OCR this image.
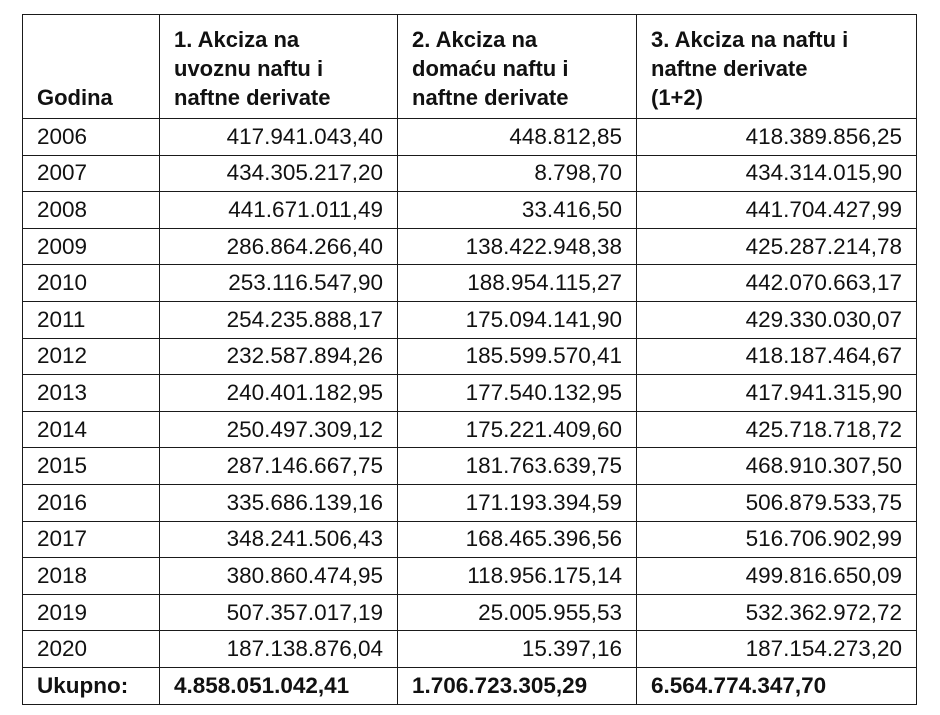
Godina	1. Akciza na
uvoznu naftu i
naftne derivate	2. Akciza na
domaću naftu i
naftne derivate	3. Akciza na naftu i
naftne derivate
(1+2)

2006	417.941.043,40	448.812,85	418.389.856,25
2007	434.305.217,20	8.798,70	434.314.015,90
2008	441.671.011,49	33.416,50	441.704.427,99
2009	286.864.266,40	138.422.948,38	425.287.214,78
2010	253.116.547,90	188.954.115,27	442.070.663,17
2011	254.235.888,17	175.094.141,90	429.330.030,07
2012	232.587.894,26	185.599.570,41	418.187.464,67
2013	240.401.182,95	177.540.132,95	417.941.315,90
2014	250.497.309,12	175.221.409,60	425.718.718,72
2015	287.146.667,75	181.763.639,75	468.910.307,50
2016	335.686.139,16	171.193.394,59	506.879.533,75
2017	348.241.506,43	168.465.396,56	516.706.902,99
2018	380.860.474,95	118.956.175,14	499.816.650,09
2019	507.357.017,19	25.005.955,53	532.362.972,72
2020	187.138.876,04	15.397,16	187.154.273,20
Ukupno:	4.858.051.042,41	1.706.723.305,29	6.564.774.347,70
